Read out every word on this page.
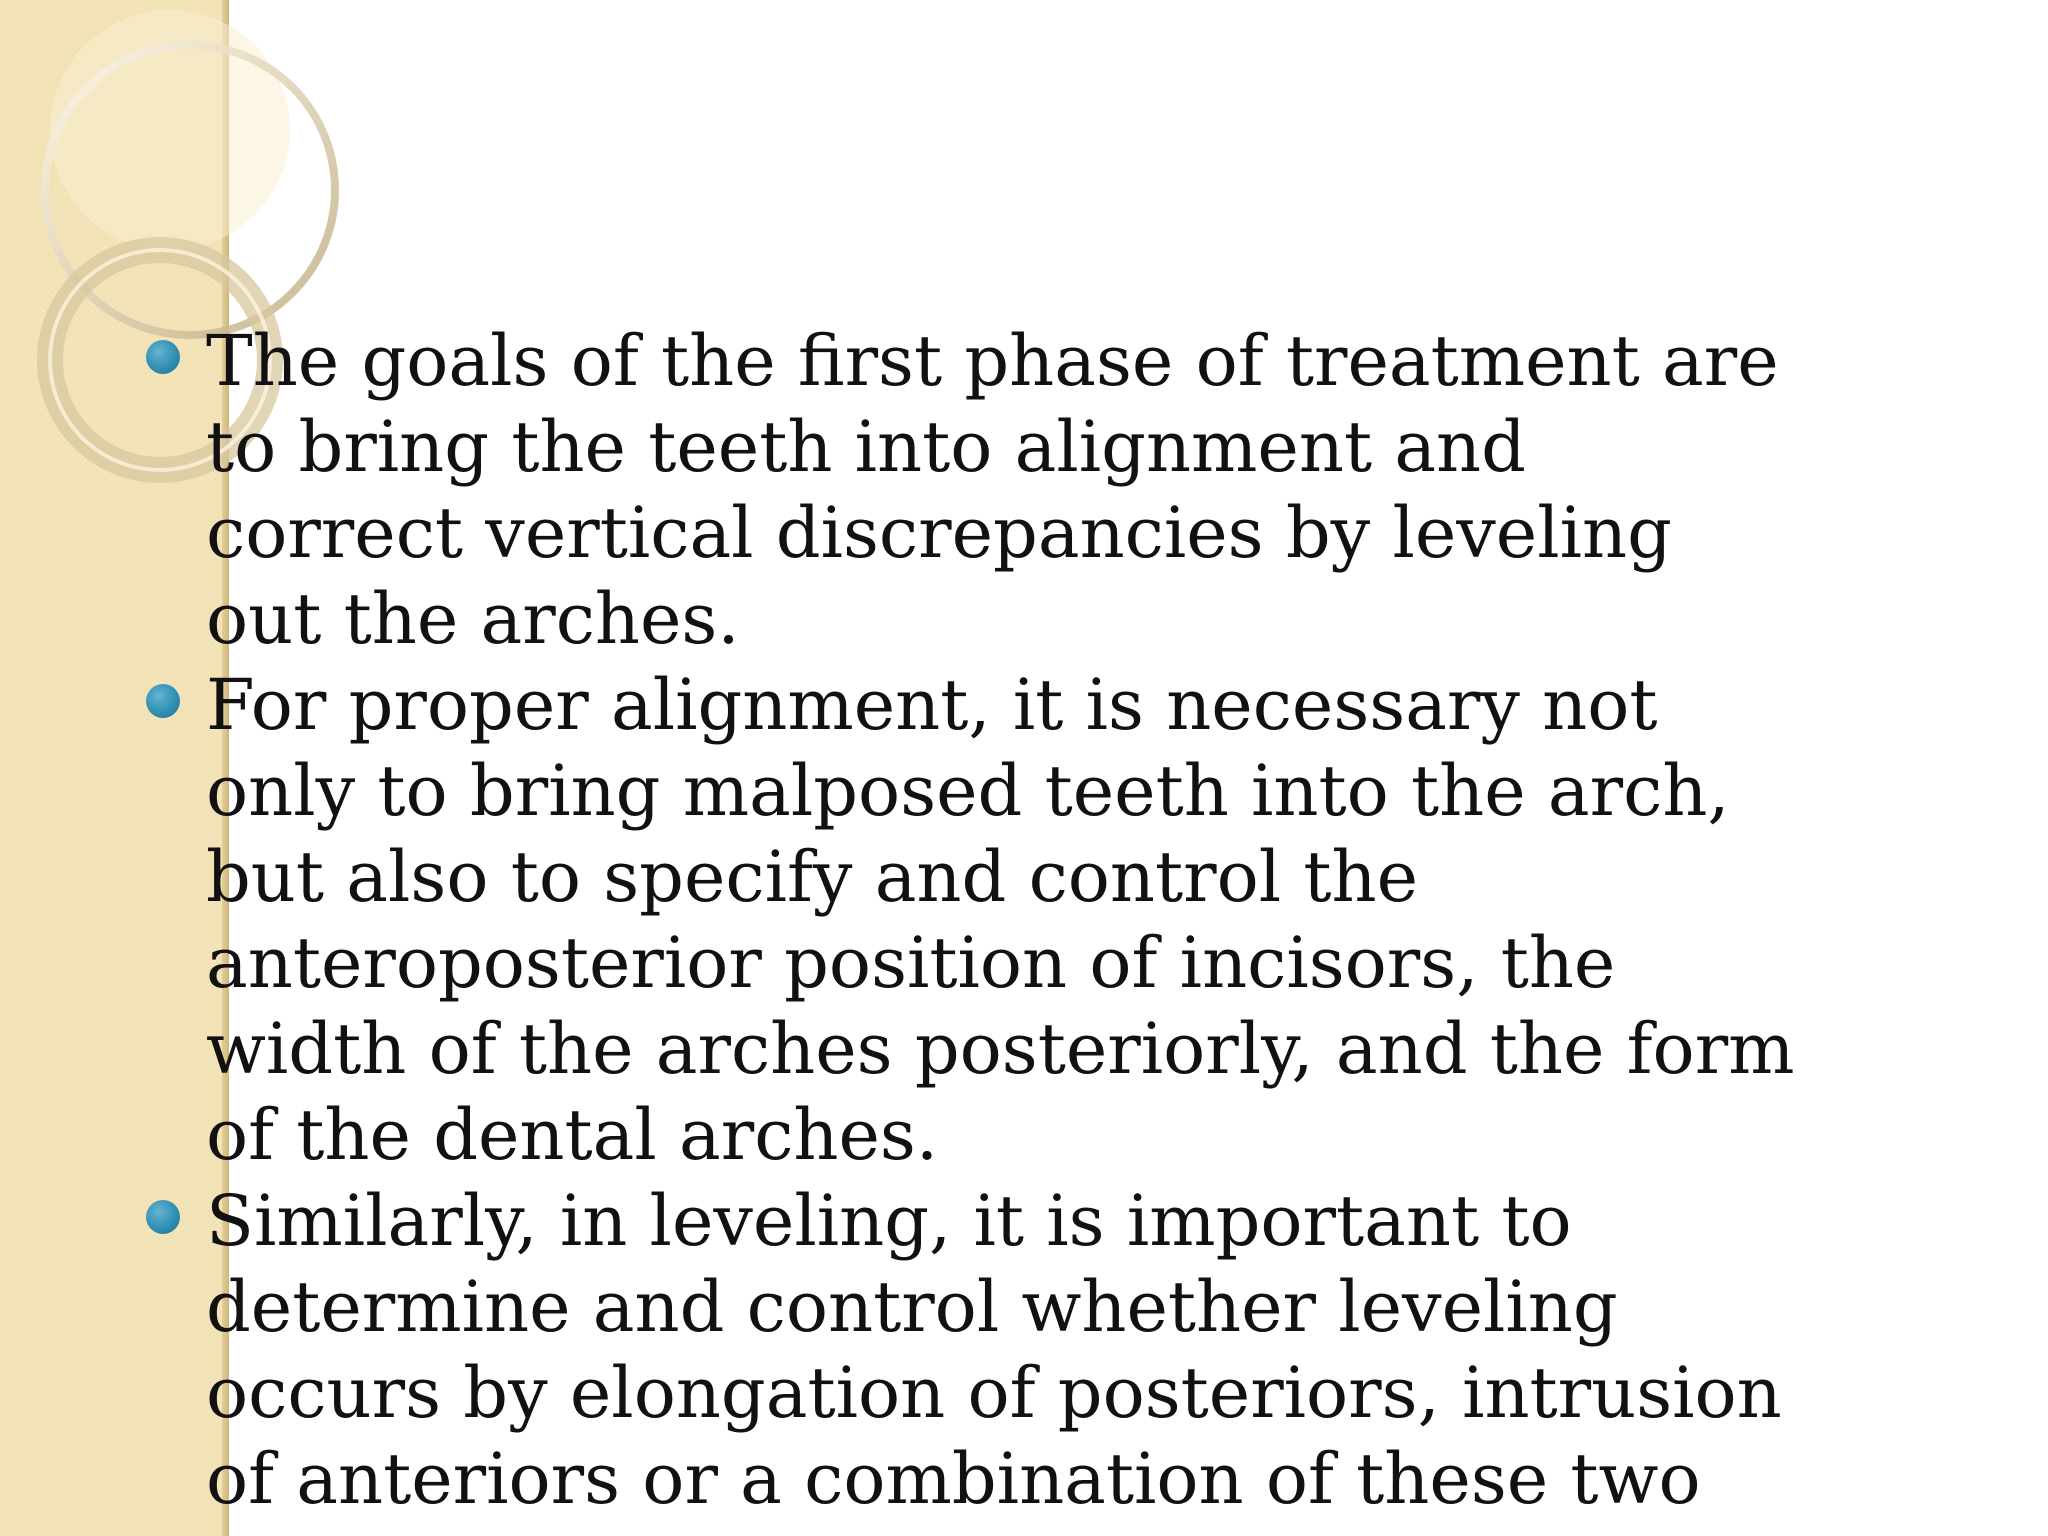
The goals of the first phase of treatment are to bring the teeth into alignment and correct vertical discrepancies by leveling out the arches.
For proper alignment, it is necessary not only to bring malposed teeth into the arch, but also to specify and control the anteroposterior position of incisors, the width of the arches posteriorly, and the form of the dental arches.
Similarly, in leveling, it is important to determine and control whether leveling occurs by elongation of posteriors, intrusion of anteriors or a combination of these two
